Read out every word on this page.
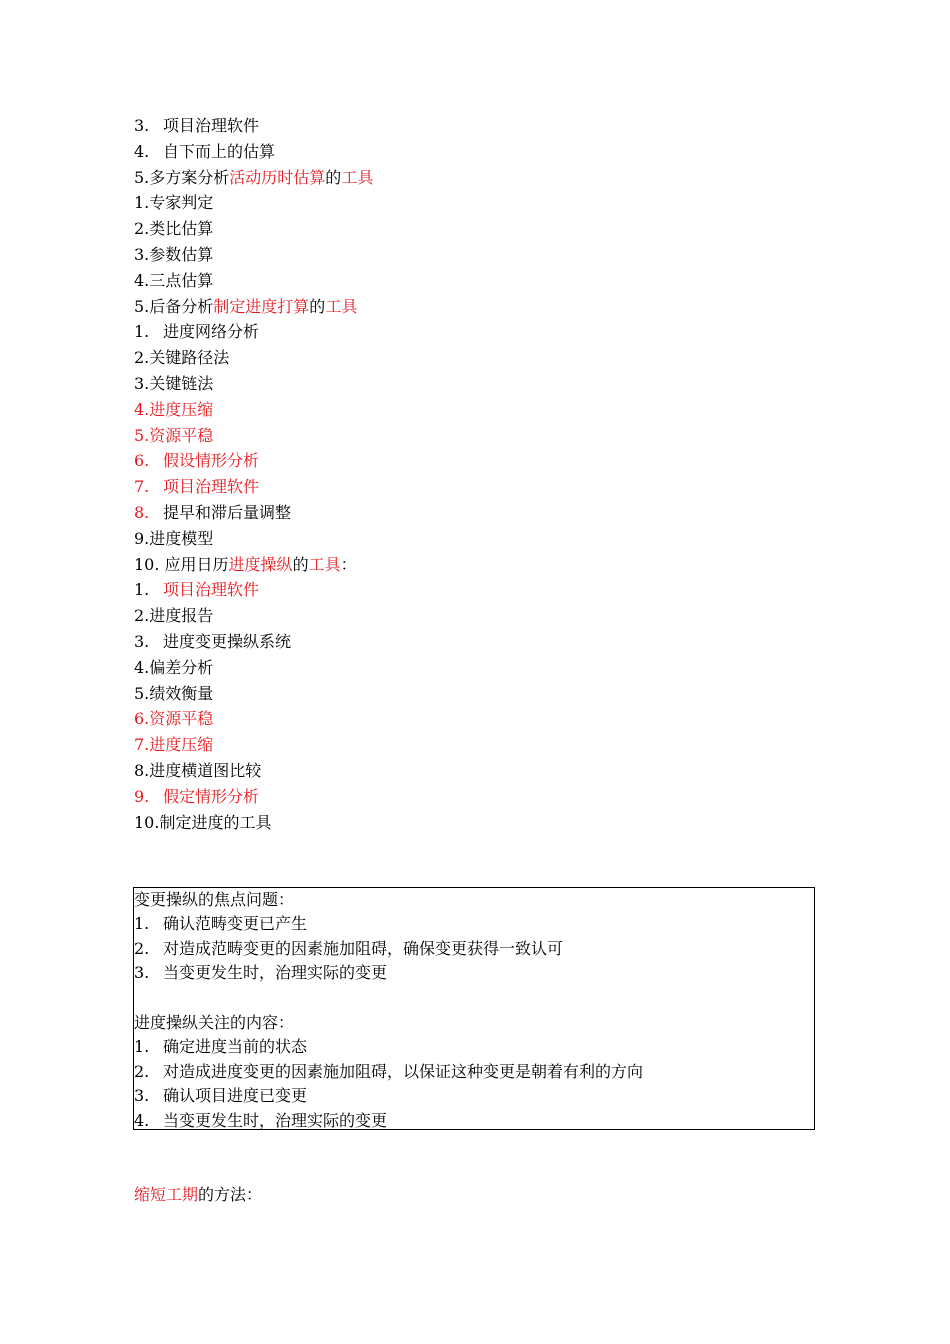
3. 项目治理软件
4. 自下而上的估算
5.多方案分析活动历时估算的工具
1.专家判定
2.类比估算
3.参数估算
4.三点估算
5.后备分析制定进度打算的工具
1. 进度网络分析
2.关键路径法
3.关键链法
4.进度压缩
5.资源平稳
6. 假设情形分析
7. 项目治理软件
8. 提早和滞后量调整
9.进度模型
10. 应用日历进度操纵的工具：
1. 项目治理软件
2.进度报告
3. 进度变更操纵系统
4.偏差分析
5.绩效衡量
6.资源平稳
7.进度压缩
8.进度横道图比较
9. 假定情形分析
10.制定进度的工具
变更操纵的焦点问题：
1. 确认范畴变更已产生
2. 对造成范畴变更的因素施加阻碍，确保变更获得一致认可
3. 当变更发生时，治理实际的变更
进度操纵关注的内容：
1. 确定进度当前的状态
2. 对造成进度变更的因素施加阻碍，以保证这种变更是朝着有利的方向
3. 确认项目进度已变更
4. 当变更发生时，治理实际的变更
缩短工期的方法：
